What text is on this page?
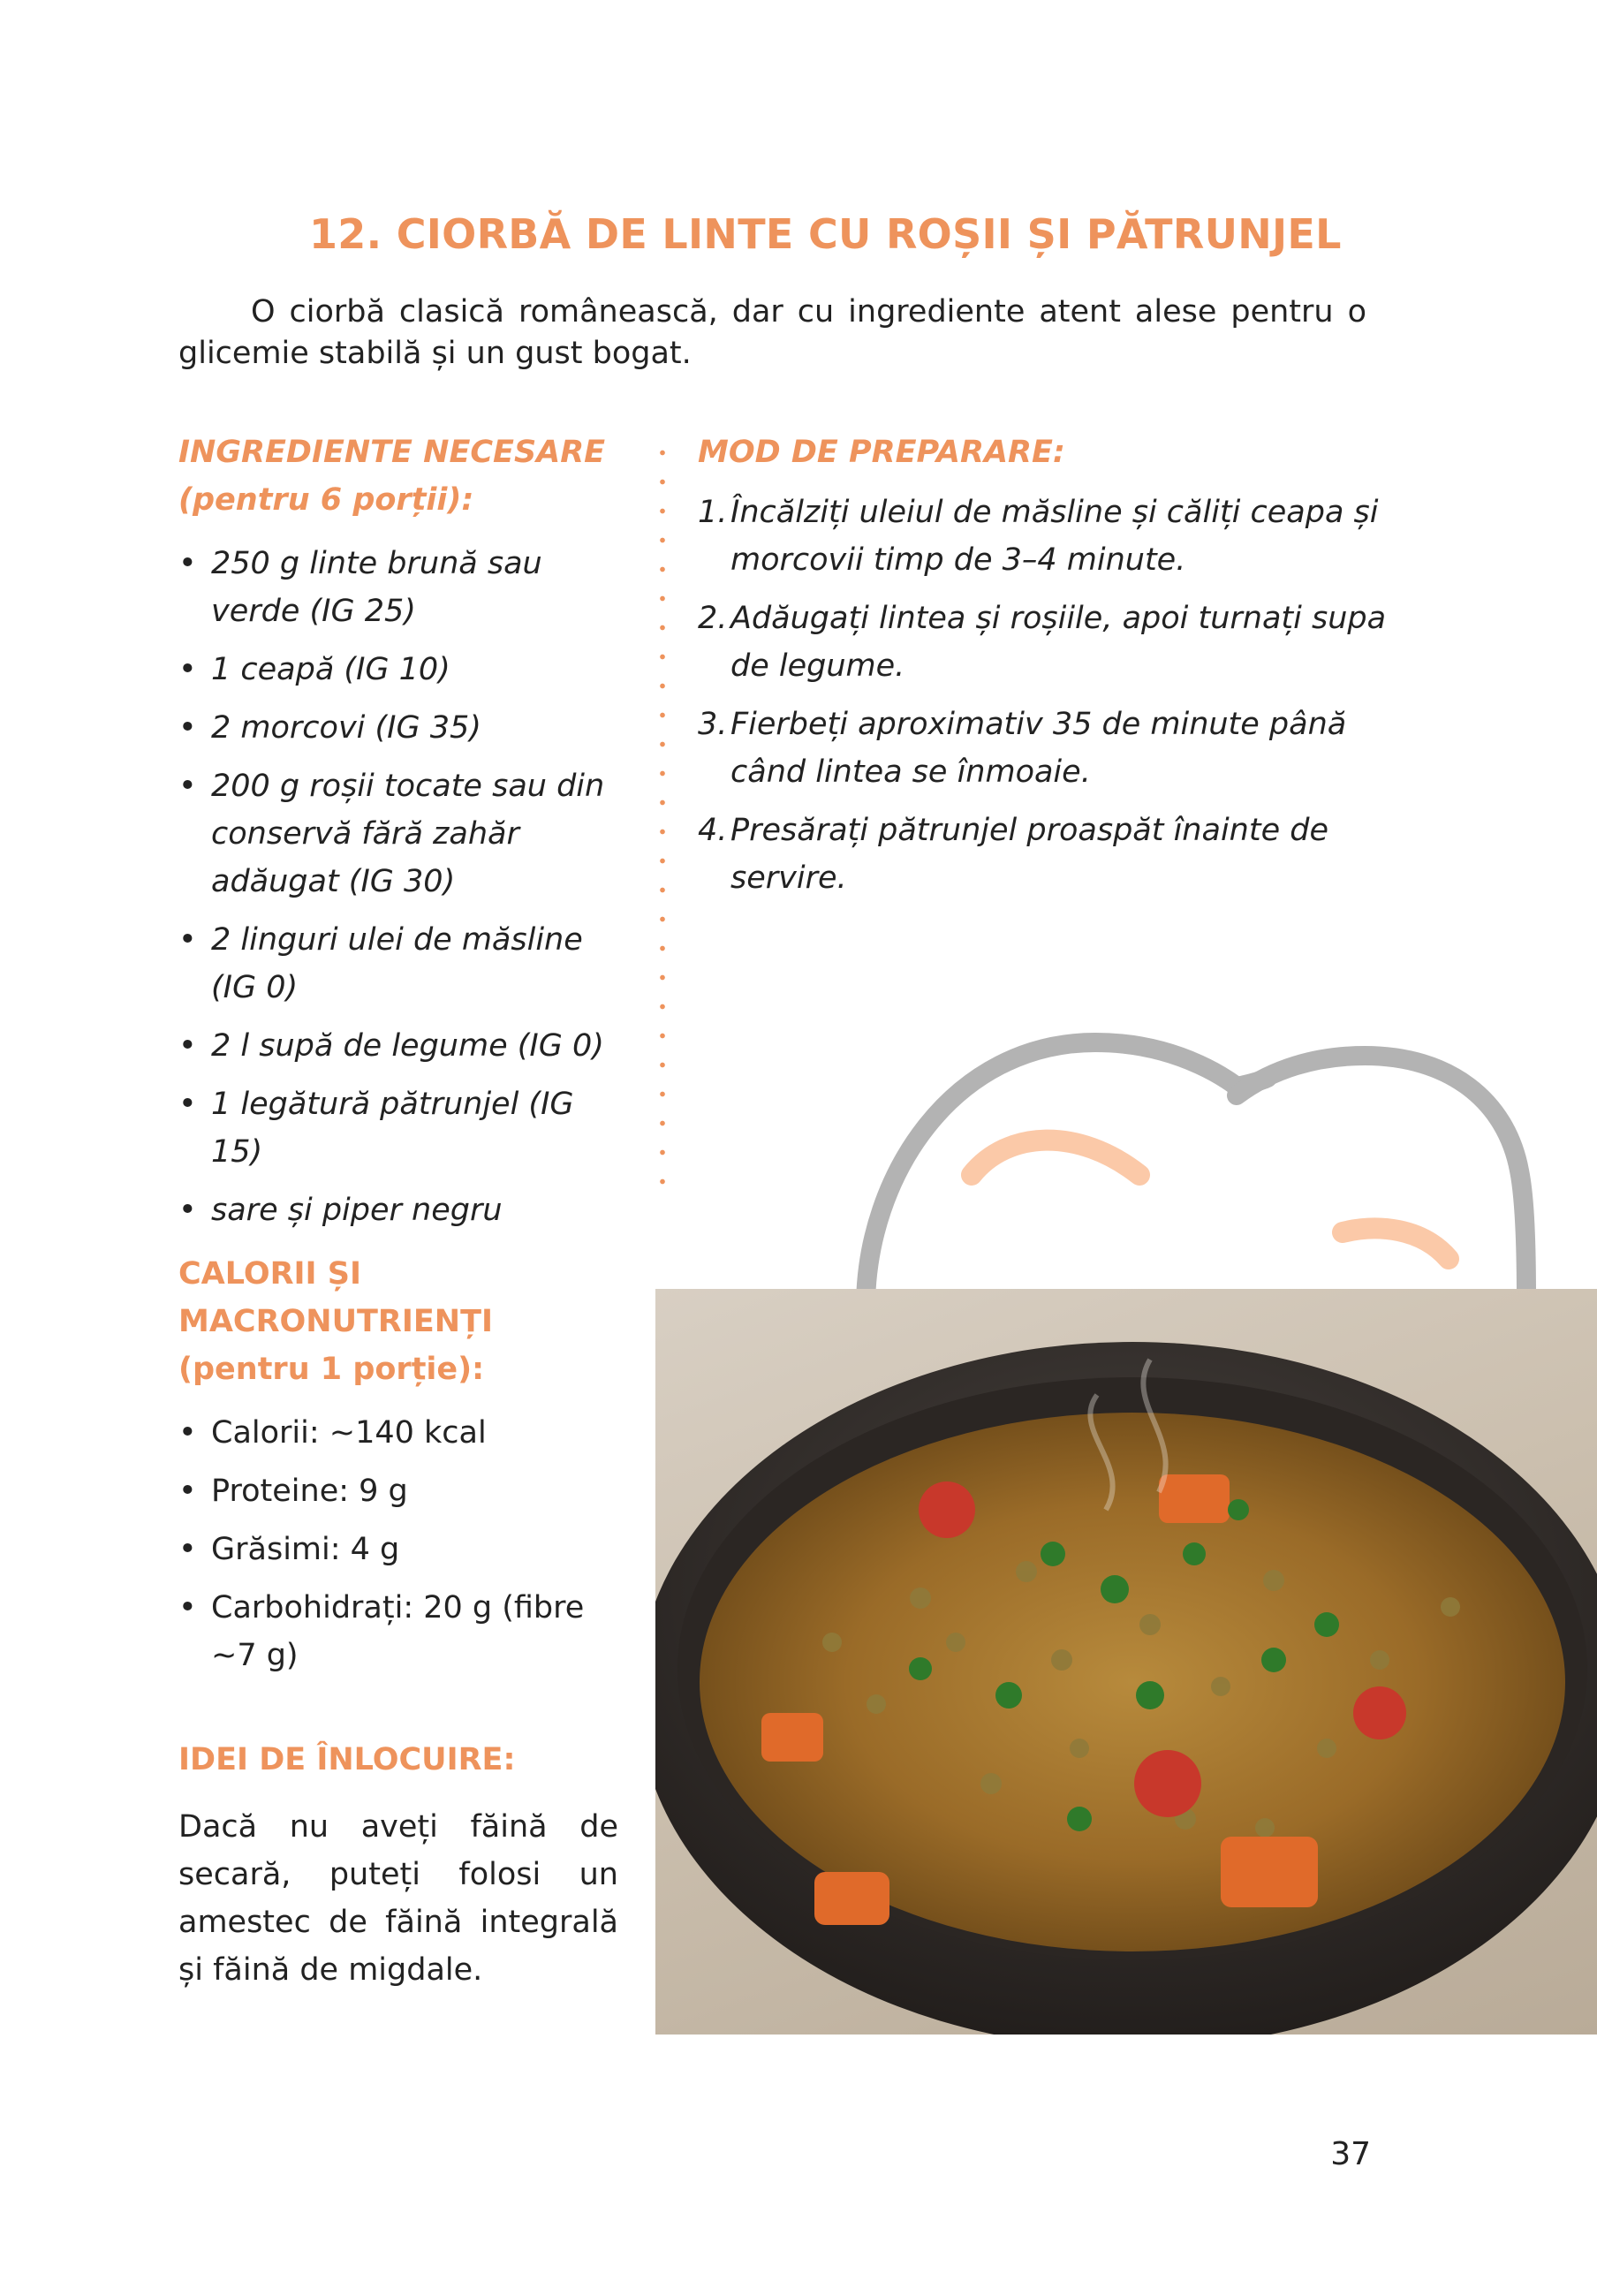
12. CIORBĂ DE LINTE CU ROȘII ȘI PĂTRUNJEL
O ciorbă clasică românească, dar cu ingrediente atent alese pentru o glicemie stabilă și un gust bogat.
INGREDIENTE NECESARE
(pentru 6 porții):
• 250 g linte brună sau verde (IG 25)
• 1 ceapă (IG 10)
• 2 morcovi (IG 35)
• 200 g roșii tocate sau din conservă fără zahăr adăugat (IG 30)
• 2 linguri ulei de măsline (IG 0)
• 2 l supă de legume (IG 0)
• 1 legătură pătrunjel (IG 15)
• sare și piper negru
MOD DE PREPARARE:
1. Încălziți uleiul de măsline și căliți ceapa și morcovii timp de 3–4 minute.
2. Adăugați lintea și roșiile, apoi turnați supa de legume.
3. Fierbeți aproximativ 35 de minute până când lintea se înmoaie.
4. Presărați pătrunjel proaspăt înainte de servire.
CALORII ȘI
MACRONUTRIENȚI
(pentru 1 porție):
• Calorii: ~140 kcal
• Proteine: 9 g
• Grăsimi: 4 g
• Carbohidrați: 20 g (fibre ~7 g)
IDEI DE ÎNLOCUIRE:

Dacă nu aveți făină de secară, puteți folosi un amestec de făină integrală și făină de migdale.

37
